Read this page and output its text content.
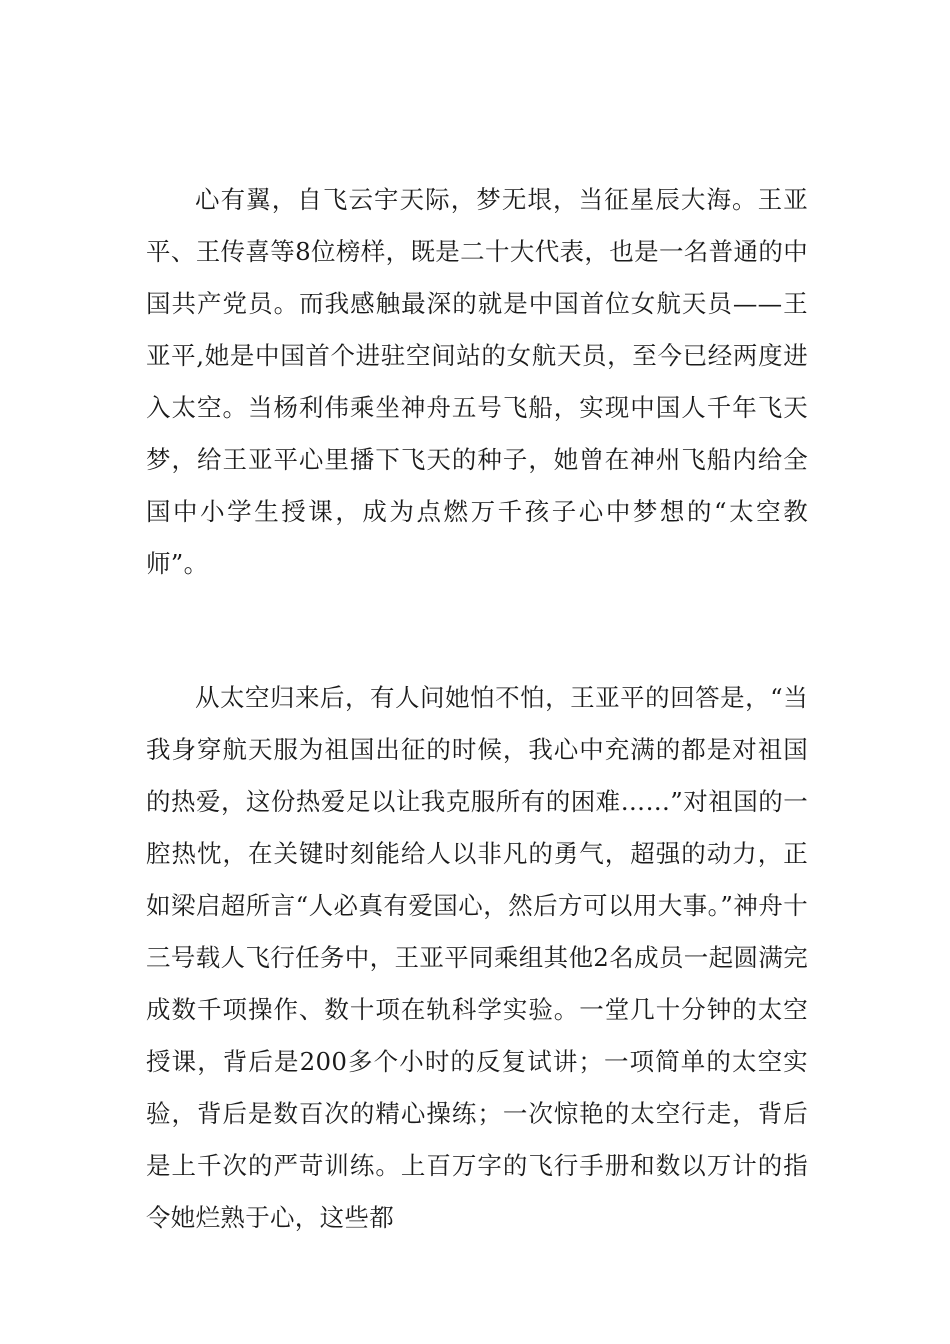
心有翼，自飞云宇天际，梦无垠，当征星辰大海。王亚平、王传喜等8位榜样，既是二十大代表，也是一名普通的中国共产党员。而我感触最深的就是中国首位女航天员——王亚平,她是中国首个进驻空间站的女航天员，至今已经两度进入太空。当杨利伟乘坐神舟五号飞船，实现中国人千年飞天梦，给王亚平心里播下飞天的种子，她曾在神州飞船内给全国中小学生授课，成为点燃万千孩子心中梦想的“太空教师”。

从太空归来后，有人问她怕不怕，王亚平的回答是，“当我身穿航天服为祖国出征的时候，我心中充满的都是对祖国的热爱，这份热爱足以让我克服所有的困难……”对祖国的一腔热忱，在关键时刻能给人以非凡的勇气，超强的动力，正如梁启超所言“人必真有爱国心，然后方可以用大事。”神舟十三号载人飞行任务中，王亚平同乘组其他2名成员一起圆满完成数千项操作、数十项在轨科学实验。一堂几十分钟的太空授课，背后是200多个小时的反复试讲；一项简单的太空实验，背后是数百次的精心操练；一次惊艳的太空行走，背后是上千次的严苛训练。上百万字的飞行手册和数以万计的指令她烂熟于心，这些都
